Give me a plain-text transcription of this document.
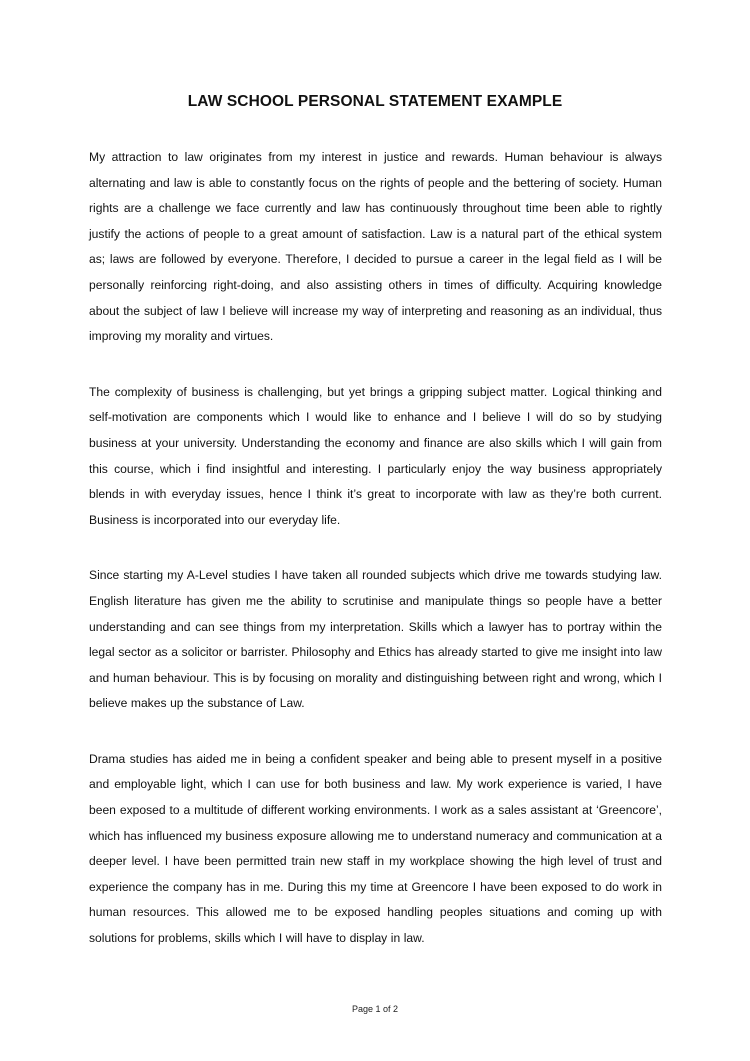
LAW SCHOOL PERSONAL STATEMENT EXAMPLE

My attraction to law originates from my interest in justice and rewards. Human behaviour is always alternating and law is able to constantly focus on the rights of people and the bettering of society. Human rights are a challenge we face currently and law has continuously throughout time been able to rightly justify the actions of people to a great amount of satisfaction. Law is a natural part of the ethical system as; laws are followed by everyone. Therefore, I decided to pursue a career in the legal field as I will be personally reinforcing right-doing, and also assisting others in times of difficulty. Acquiring knowledge about the subject of law I believe will increase my way of interpreting and reasoning as an individual, thus improving my morality and virtues.

The complexity of business is challenging, but yet brings a gripping subject matter. Logical thinking and self-motivation are components which I would like to enhance and I believe I will do so by studying business at your university. Understanding the economy and finance are also skills which I will gain from this course, which i find insightful and interesting. I particularly enjoy the way business appropriately blends in with everyday issues, hence I think it’s great to incorporate with law as they’re both current. Business is incorporated into our everyday life.

Since starting my A-Level studies I have taken all rounded subjects which drive me towards studying law. English literature has given me the ability to scrutinise and manipulate things so people have a better understanding and can see things from my interpretation. Skills which a lawyer has to portray within the legal sector as a solicitor or barrister. Philosophy and Ethics has already started to give me insight into law and human behaviour. This is by focusing on morality and distinguishing between right and wrong, which I believe makes up the substance of Law.

Drama studies has aided me in being a confident speaker and being able to present myself in a positive and employable light, which I can use for both business and law. My work experience is varied, I have been exposed to a multitude of different working environments. I work as a sales assistant at ‘Greencore’, which has influenced my business exposure allowing me to understand numeracy and communication at a deeper level. I have been permitted train new staff in my workplace showing the high level of trust and experience the company has in me. During this my time at Greencore I have been exposed to do work in human resources. This allowed me to be exposed handling peoples situations and coming up with solutions for problems, skills which I will have to display in law.

Page 1 of 2
